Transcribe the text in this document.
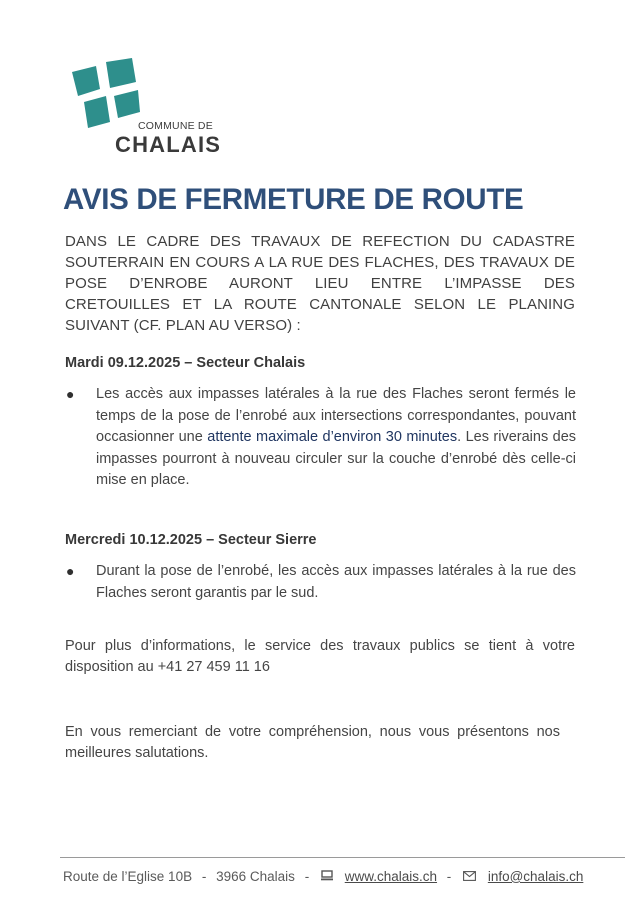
COMMUNE DE
CHALAIS
AVIS DE FERMETURE DE ROUTE
DANS LE CADRE DES TRAVAUX DE REFECTION DU CADASTRE SOUTERRAIN EN COURS A LA RUE DES FLACHES, DES TRAVAUX DE POSE D’ENROBE AURONT LIEU ENTRE L’IMPASSE DES CRETOUILLES ET LA ROUTE CANTONALE SELON LE PLANING SUIVANT (CF. PLAN AU VERSO) :
Mardi 09.12.2025 – Secteur Chalais
●	Les accès aux impasses latérales à la rue des Flaches seront fermés le temps de la pose de l’enrobé aux intersections correspondantes, pouvant occasionner une attente maximale d’environ 30 minutes. Les riverains des impasses pourront à nouveau circuler sur la couche d’enrobé dès celle-ci mise en place.
Mercredi 10.12.2025 – Secteur Sierre
●	Durant la pose de l’enrobé, les accès aux impasses latérales à la rue des Flaches seront garantis par le sud.
Pour plus d’informations, le service des travaux publics se tient à votre disposition au +41 27 459 11 16
En vous remerciant de votre compréhension, nous vous présentons nos meilleures salutations.
Route de l’Eglise 10B - 3966 Chalais -	www.chalais.ch -	info@chalais.ch
